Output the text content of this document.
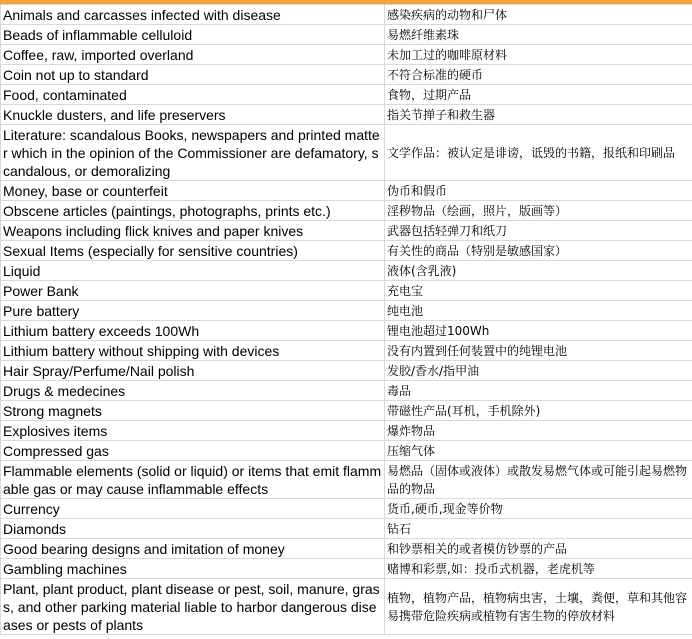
Animals and carcasses infected with disease	感染疾病的动物和尸体
Beads of inflammable celluloid	易燃纤维素珠
Coffee, raw, imported overland	未加工过的咖啡原材料
Coin not up to standard	不符合标准的硬币
Food, contaminated	食物，过期产品
Knuckle dusters, and life preservers	指关节掸子和救生器
Literature: scandalous Books, newspapers and printed matter which in the opinion of the Commissioner are defamatory, scandalous, or demoralizing	文学作品：被认定是诽谤，诋毁的书籍，报纸和印刷品
Money, base or counterfeit	伪币和假币
Obscene articles (paintings, photographs, prints etc.)	淫秽物品（绘画，照片，版画等）
Weapons including flick knives and paper knives	武器包括轻弹刀和纸刀
Sexual Items (especially for sensitive countries)	有关性的商品（特别是敏感国家）
Liquid	液体(含乳液)
Power Bank	充电宝
Pure battery	纯电池
Lithium battery exceeds 100Wh	锂电池超过100Wh
Lithium battery without shipping with devices	没有内置到任何装置中的纯锂电池
Hair Spray/Perfume/Nail polish	发胶/香水/指甲油
Drugs & medecines	毒品
Strong magnets	带磁性产品(耳机，手机除外)
Explosives items	爆炸物品
Compressed gas	压缩气体
Flammable elements (solid or liquid) or items that emit flammable gas or may cause inflammable effects	易燃品（固体或液体）或散发易燃气体或可能引起易燃物品的物品
Currency	货币,硬币,现金等价物
Diamonds	钻石
Good bearing designs and imitation of money	和钞票相关的或者模仿钞票的产品
Gambling machines	赌博和彩票,如：投币式机器，老虎机等
Plant, plant product, plant disease or pest, soil, manure, grass, and other parking material liable to harbor dangerous diseases or pests of plants	植物，植物产品，植物病虫害，土壤，粪便，草和其他容易携带危险疾病或植物有害生物的停放材料
